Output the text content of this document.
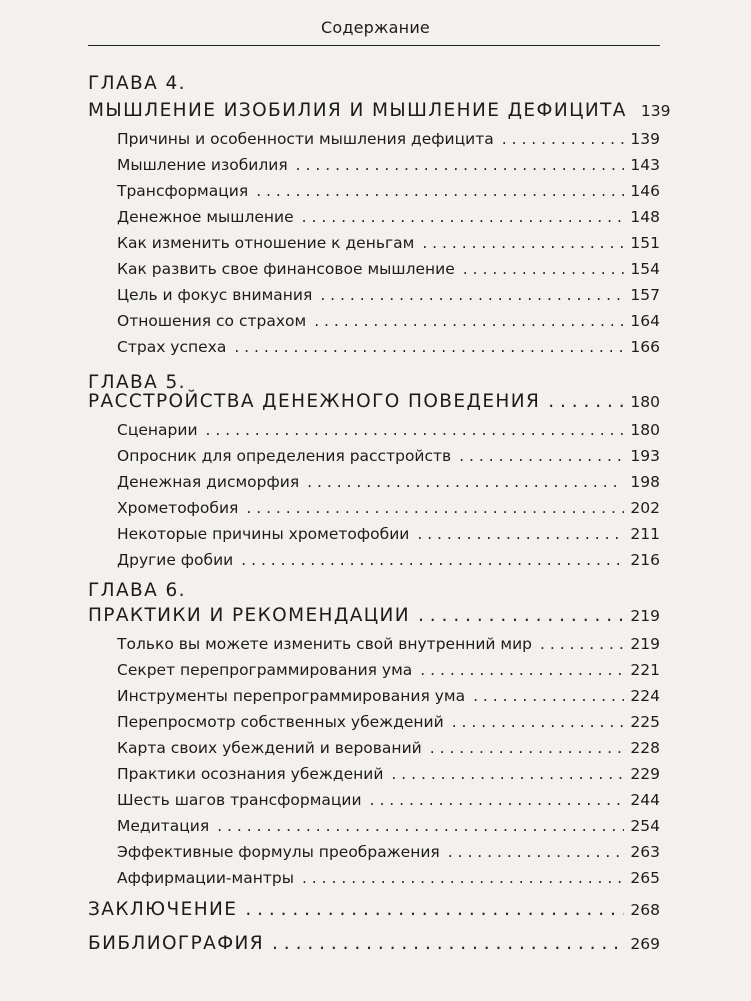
Содержание
ГЛАВА 4.
МЫШЛЕНИЕ ИЗОБИЛИЯ И МЫШЛЕНИЕ ДЕФИЦИТА 139
Причины и особенности мышления дефицита . . .	139
Мышление изобилия . . .	143
Трансформация . . .	146
Денежное мышление . . .	148
Как изменить отношение к деньгам . . .	151
Как развить свое финансовое мышление . . .	154
Цель и фокус внимания . . .	157
Отношения со страхом . . .	164
Страх успеха . . .	166
ГЛАВА 5.
РАССТРОЙСТВА ДЕНЕЖНОГО ПОВЕДЕНИЯ . . .	180
Сценарии . . .	180
Опросник для определения расстройств . . .	193
Денежная дисморфия . . .	198
Хрометофобия . . .	202
Некоторые причины хрометофобии . . .	211
Другие фобии . . .	216
ГЛАВА 6.
ПРАКТИКИ И РЕКОМЕНДАЦИИ . . .	219
Только вы можете изменить свой внутренний мир . . .	219
Секрет перепрограммирования ума . . .	221
Инструменты перепрограммирования ума . . .	224
Перепросмотр собственных убеждений . . .	225
Карта своих убеждений и верований . . .	228
Практики осознания убеждений . . .	229
Шесть шагов трансформации . . .	244
Медитация . . .	254
Эффективные формулы преображения . . .	263
Аффирмации-мантры . . .	265
ЗАКЛЮЧЕНИЕ . . .	268
БИБЛИОГРАФИЯ . . .	269
